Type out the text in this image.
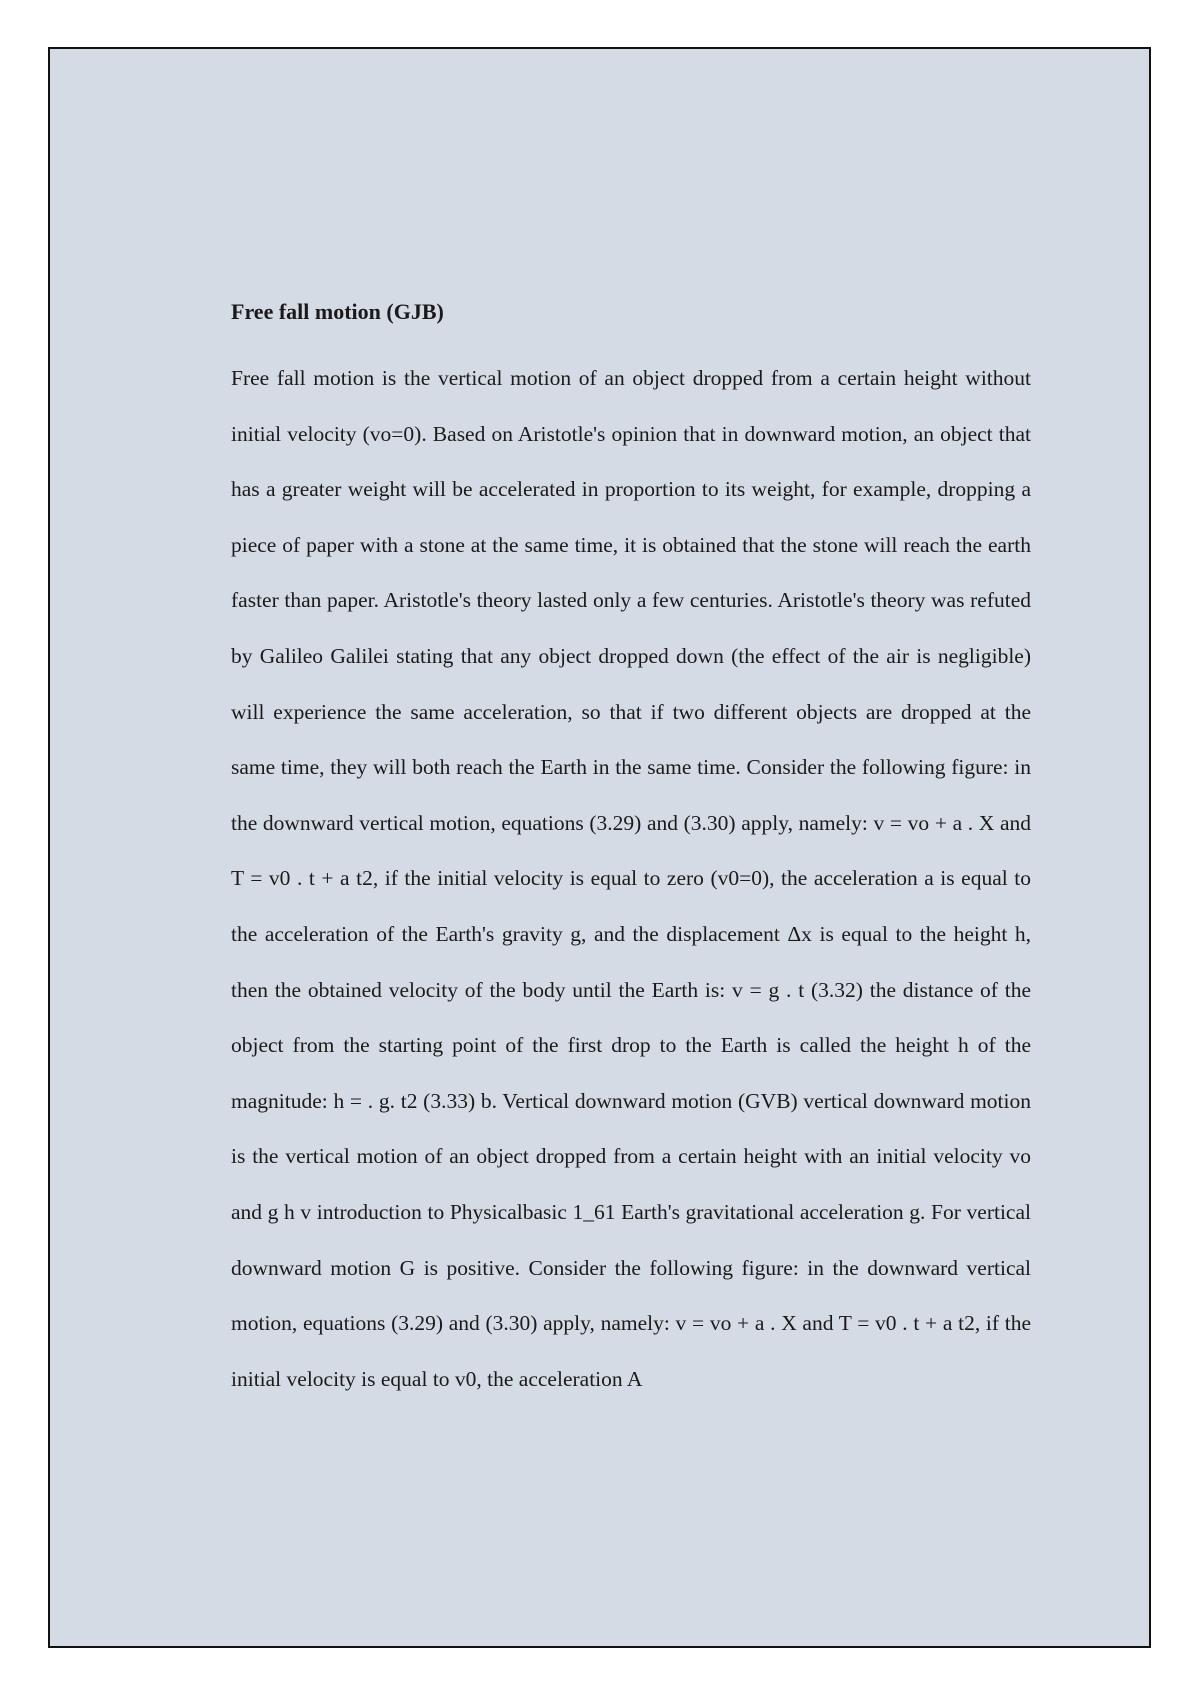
Free fall motion (GJB)

Free fall motion is the vertical motion of an object dropped from a certain height without initial velocity (vo=0). Based on Aristotle's opinion that in downward motion, an object that has a greater weight will be accelerated in proportion to its weight, for example, dropping a piece of paper with a stone at the same time, it is obtained that the stone will reach the earth faster than paper. Aristotle's theory lasted only a few centuries. Aristotle's theory was refuted by Galileo Galilei stating that any object dropped down (the effect of the air is negligible) will experience the same acceleration, so that if two different objects are dropped at the same time, they will both reach the Earth in the same time. Consider the following figure: in the downward vertical motion, equations (3.29) and (3.30) apply, namely: v = vo + a . X and T = v0 . t + a t2, if the initial velocity is equal to zero (v0=0), the acceleration a is equal to the acceleration of the Earth's gravity g, and the displacement Δx is equal to the height h, then the obtained velocity of the body until the Earth is: v = g . t (3.32) the distance of the object from the starting point of the first drop to the Earth is called the height h of the magnitude: h = . g. t2 (3.33) b. Vertical downward motion (GVB) vertical downward motion is the vertical motion of an object dropped from a certain height with an initial velocity vo and g h v introduction to Physicalbasic 1_61 Earth's gravitational acceleration g. For vertical downward motion G is positive. Consider the following figure: in the downward vertical motion, equations (3.29) and (3.30) apply, namely: v = vo + a . X and T = v0 . t + a t2, if the initial velocity is equal to v0, the acceleration A
